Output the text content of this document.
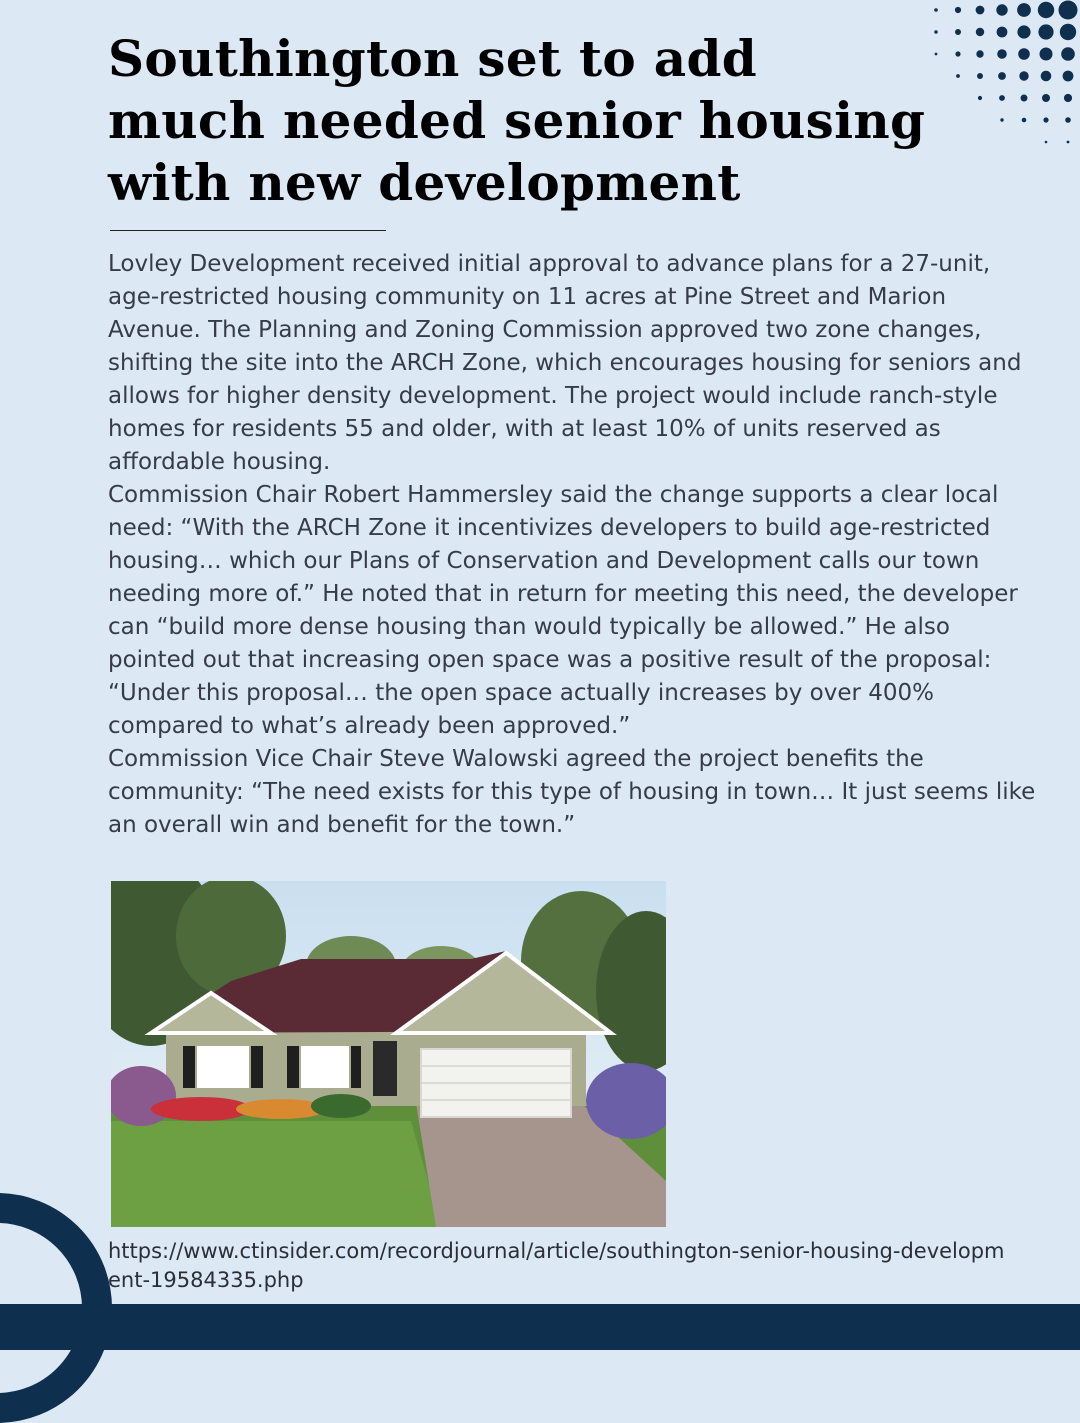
Southington set to add much needed senior housing with new development

Lovley Development received initial approval to advance plans for a 27-unit, age-restricted housing community on 11 acres at Pine Street and Marion Avenue. The Planning and Zoning Commission approved two zone changes, shifting the site into the ARCH Zone, which encourages housing for seniors and allows for higher density development. The project would include ranch-style homes for residents 55 and older, with at least 10% of units reserved as affordable housing.

Commission Chair Robert Hammersley said the change supports a clear local need: “With the ARCH Zone it incentivizes developers to build age-restricted housing… which our Plans of Conservation and Development calls our town needing more of.” He noted that in return for meeting this need, the developer can “build more dense housing than would typically be allowed.” He also pointed out that increasing open space was a positive result of the proposal: “Under this proposal… the open space actually increases by over 400% compared to what’s already been approved.”

Commission Vice Chair Steve Walowski agreed the project benefits the community: “The need exists for this type of housing in town… It just seems like an overall win and benefit for the town.”

https://www.ctinsider.com/recordjournal/article/southington-senior-housing-development-19584335.php
